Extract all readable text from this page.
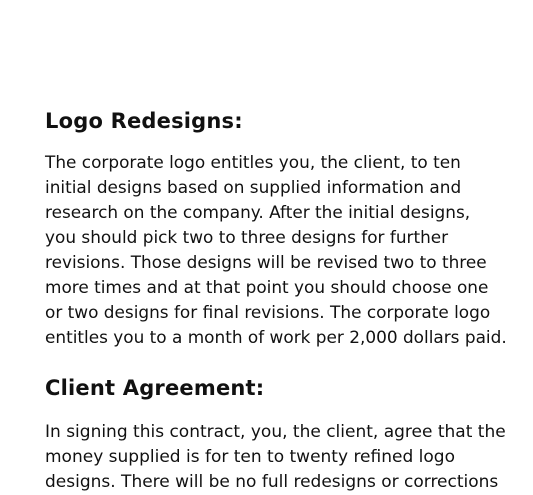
Logo Redesigns:
The corporate logo entitles you, the client, to ten
initial designs based on supplied information and
research on the company. After the initial designs,
you should pick two to three designs for further
revisions. Those designs will be revised two to three
more times and at that point you should choose one
or two designs for final revisions. The corporate logo
entitles you to a month of work per 2,000 dollars paid.
Client Agreement:
In signing this contract, you, the client, agree that the
money supplied is for ten to twenty refined logo
designs. There will be no full redesigns or corrections
